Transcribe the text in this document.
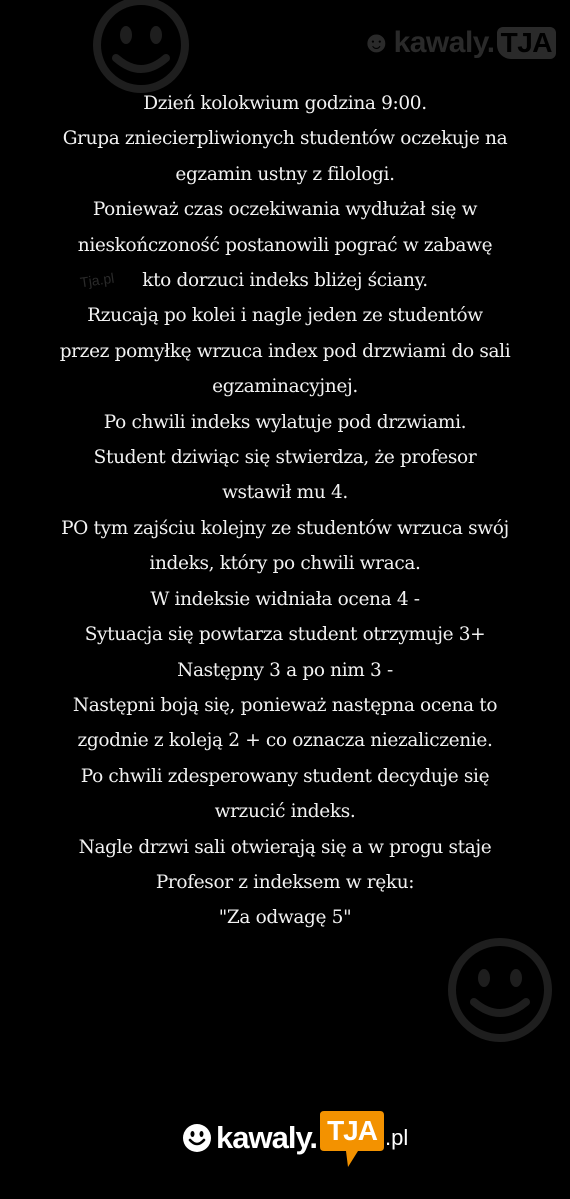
☻ kawaly. TJA
Tja.pl
Dzień kolokwium godzina 9:00.
Grupa zniecierpliwionych studentów oczekuje na
egzamin ustny z filologi.
Ponieważ czas oczekiwania wydłużał się w
nieskończoność postanowili pograć w zabawę
kto dorzuci indeks bliżej ściany.
Rzucają po kolei i nagle jeden ze studentów
przez pomyłkę wrzuca index pod drzwiami do sali
egzaminacyjnej.
Po chwili indeks wylatuje pod drzwiami.
Student dziwiąc się stwierdza, że profesor
wstawił mu 4.
PO tym zajściu kolejny ze studentów wrzuca swój
indeks, który po chwili wraca.
W indeksie widniała ocena 4 -
Sytuacja się powtarza student otrzymuje 3+
Następny 3 a po nim 3 -
Następni boją się, ponieważ następna ocena to
zgodnie z koleją 2 + co oznacza niezaliczenie.
Po chwili zdesperowany student decyduje się
wrzucić indeks.
Nagle drzwi sali otwierają się a w progu staje
Profesor z indeksem w ręku:
"Za odwagę 5"
kawaly. TJA .pl
